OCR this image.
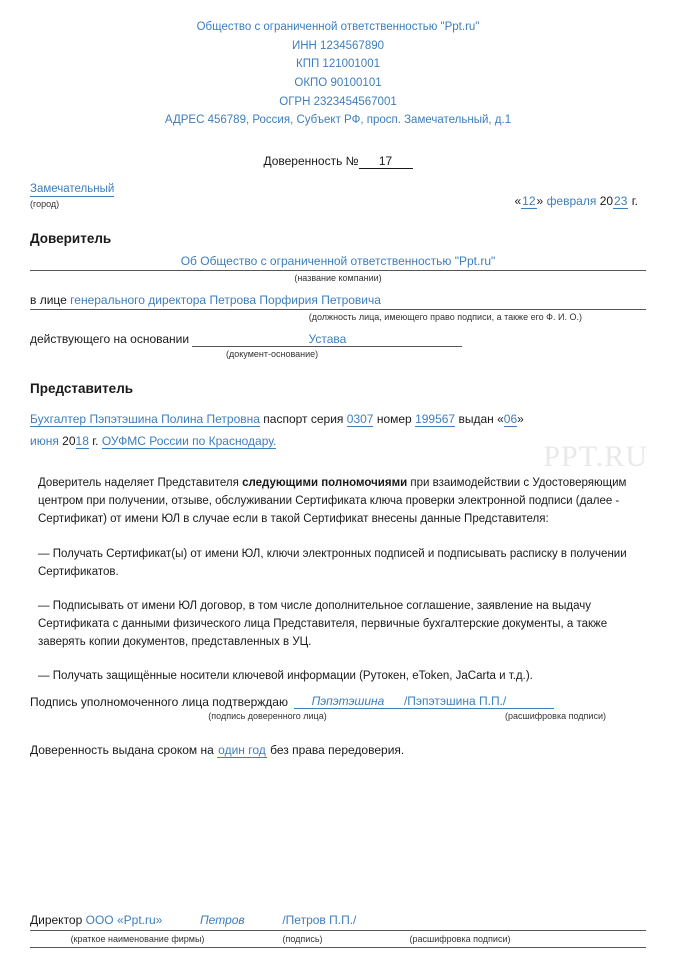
PPT.RU
Общество с ограниченной ответственностью "Ppt.ru"
ИНН 1234567890
КПП 121001001
ОКПО 90100101
ОГРН 2323454567001
АДРЕС 456789, Россия, Субъект РФ, просп. Замечательный, д.1
Доверенность № 17
Замечательный
(город)	«12» февраля 2023 г.
Доверитель
Об Общество с ограниченной ответственностью "Ppt.ru"
(название компании)
в лице генерального директора Петрова Порфирия Петровича
(должность лица, имеющего право подписи, а также его Ф. И. О.)
действующего на основании	Устава
(документ-основание)
Представитель
Бухгалтер Пэпэтэшина Полина Петровна паспорт серия 0307 номер 199567 выдан «06»
июня 2018 г. ОУФМС России по Краснодару.

Доверитель наделяет Представителя следующими полномочиями при взаимодействии с Удостоверяющим центром при получении, отзыве, обслуживании Сертификата ключа проверки электронной подписи (далее - Сертификат) от имени ЮЛ в случае если в такой Сертификат внесены данные Представителя:

— Получать Сертификат(ы) от имени ЮЛ, ключи электронных подписей и подписывать расписку в получении Сертификатов.

— Подписывать от имени ЮЛ договор, в том числе дополнительное соглашение, заявление на выдачу Сертификата с данными физического лица Представителя, первичные бухгалтерские документы, а также заверять копии документов, представленных в УЦ.

— Получать защищённые носители ключевой информации (Рутокен, eToken, JaCarta и т.д.).

Подпись уполномоченного лица подтверждаю	Пэпэтэшина	/Пэпэтэшина П.П./
(подпись доверенного лица)	(расшифровка подписи)
Доверенность выдана сроком на один год без права передоверия.
Директор
ООО «Ppt.ru»	Петров	/ Петров П.П./
(краткое наименование фирмы)	(подпись)	(расшифровка подписи)
